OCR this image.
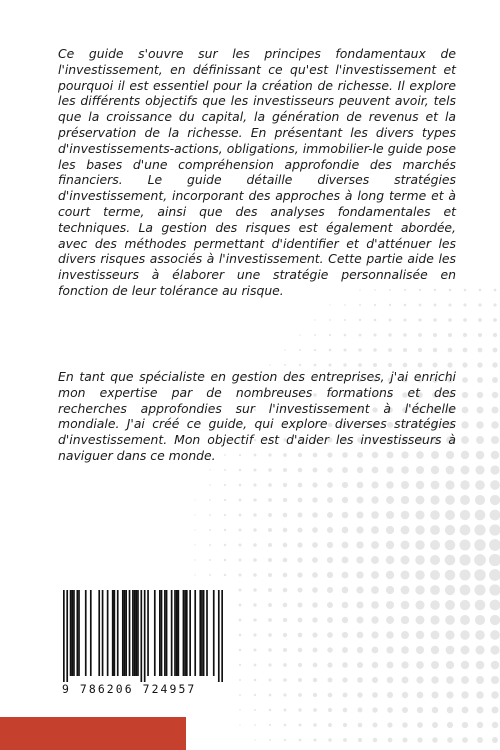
Ce guide s'ouvre sur les principes fondamentaux de l'investissement, en définissant ce qu'est l'investissement et pourquoi il est essentiel pour la création de richesse. Il explore les différents objectifs que les investisseurs peuvent avoir, tels que la croissance du capital, la génération de revenus et la préservation de la richesse. En présentant les divers types d'investissements-actions, obligations, immobilier-le guide pose les bases d'une compréhension approfondie des marchés financiers. Le guide détaille diverses stratégies d'investissement, incorporant des approches à long terme et à court terme, ainsi que des analyses fondamentales et techniques. La gestion des risques est également abordée, avec des méthodes permettant d'identifier et d'atténuer les divers risques associés à l'investissement. Cette partie aide les investisseurs à élaborer une stratégie personnalisée en fonction de leur tolérance au risque.

En tant que spécialiste en gestion des entreprises, j'ai enrichi mon expertise par de nombreuses formations et des recherches approfondies sur l'investissement à l'échelle mondiale. J'ai créé ce guide, qui explore diverses stratégies d'investissement. Mon objectif est d'aider les investisseurs à naviguer dans ce monde.

9 786206 724957
